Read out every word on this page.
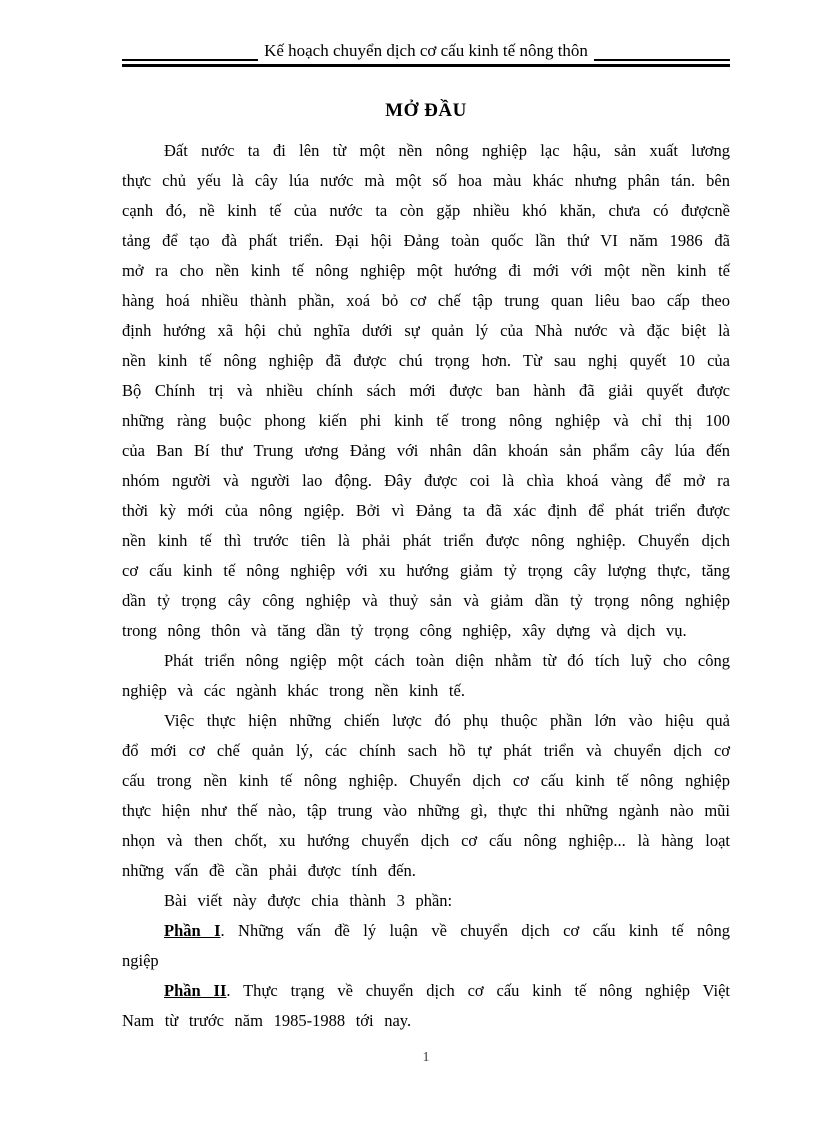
Kế hoạch chuyển dịch cơ cấu kinh tế nông thôn
MỞ ĐẦU

Đất nước ta đi lên từ một nền nông nghiệp lạc hậu, sản xuất lương thực chủ yếu là cây lúa nước mà một số hoa màu khác nhưng phân tán. bên cạnh đó, nề kinh tế của nước ta còn gặp nhiều khó khăn, chưa có đượcnề tảng để tạo đà phất triển. Đại hội Đảng toàn quốc lần thứ VI năm 1986 đã mở ra cho nền kinh tế nông nghiệp một hướng đi mới với một nền kinh tế hàng hoá nhiều thành phần, xoá bỏ cơ chế tập trung quan liêu bao cấp theo định hướng xã hội chủ nghĩa dưới sự quản lý của Nhà nước và đặc biệt là nền kinh tế nông nghiệp đã được chú trọng hơn. Từ sau nghị quyết 10 của Bộ Chính trị và nhiều chính sách mới được ban hành đã giải quyết được những ràng buộc phong kiến phi kinh tế trong nông nghiệp và chỉ thị 100 của Ban Bí thư Trung ương Đảng với nhân dân khoán sản phẩm cây lúa đến nhóm người và người lao động. Đây được coi là chìa khoá vàng để mở ra thời kỳ mới của nông ngiệp. Bởi vì Đảng ta đã xác định để phát triển được nền kinh tế thì trước tiên là phải phát triển được nông nghiệp. Chuyển dịch cơ cấu kinh tế nông nghiệp với xu hướng giảm tỷ trọng cây lượng thực, tăng dần tỷ trọng cây công nghiệp và thuỷ sản và giảm dần tỷ trọng nông nghiệp trong nông thôn và tăng dần tỷ trọng công nghiệp, xây dựng và dịch vụ.

Phát triển nông ngiệp một cách toàn diện nhằm từ đó tích luỹ cho công nghiệp và các ngành khác trong nền kinh tế.

Việc thực hiện những chiến lược đó phụ thuộc phần lớn vào hiệu quả đổ mới cơ chế quản lý, các chính sach hồ tự phát triển và chuyển dịch cơ cấu trong nền kinh tế nông nghiệp. Chuyển dịch cơ cấu kinh tế nông nghiệp thực hiện như thế nào, tập trung vào những gì, thực thi những ngành nào mũi nhọn và then chốt, xu hướng chuyển dịch cơ cấu nông nghiệp... là hàng loạt những vấn đề cần phải được tính đến.

Bài viết này được chia thành 3 phần:

Phần I. Những vấn đề lý luận về chuyển dịch cơ cấu kinh tế nông ngiệp

Phần II. Thực trạng về chuyển dịch cơ cấu kinh tế nông nghiệp Việt Nam từ trước năm 1985-1988 tới nay.

1
